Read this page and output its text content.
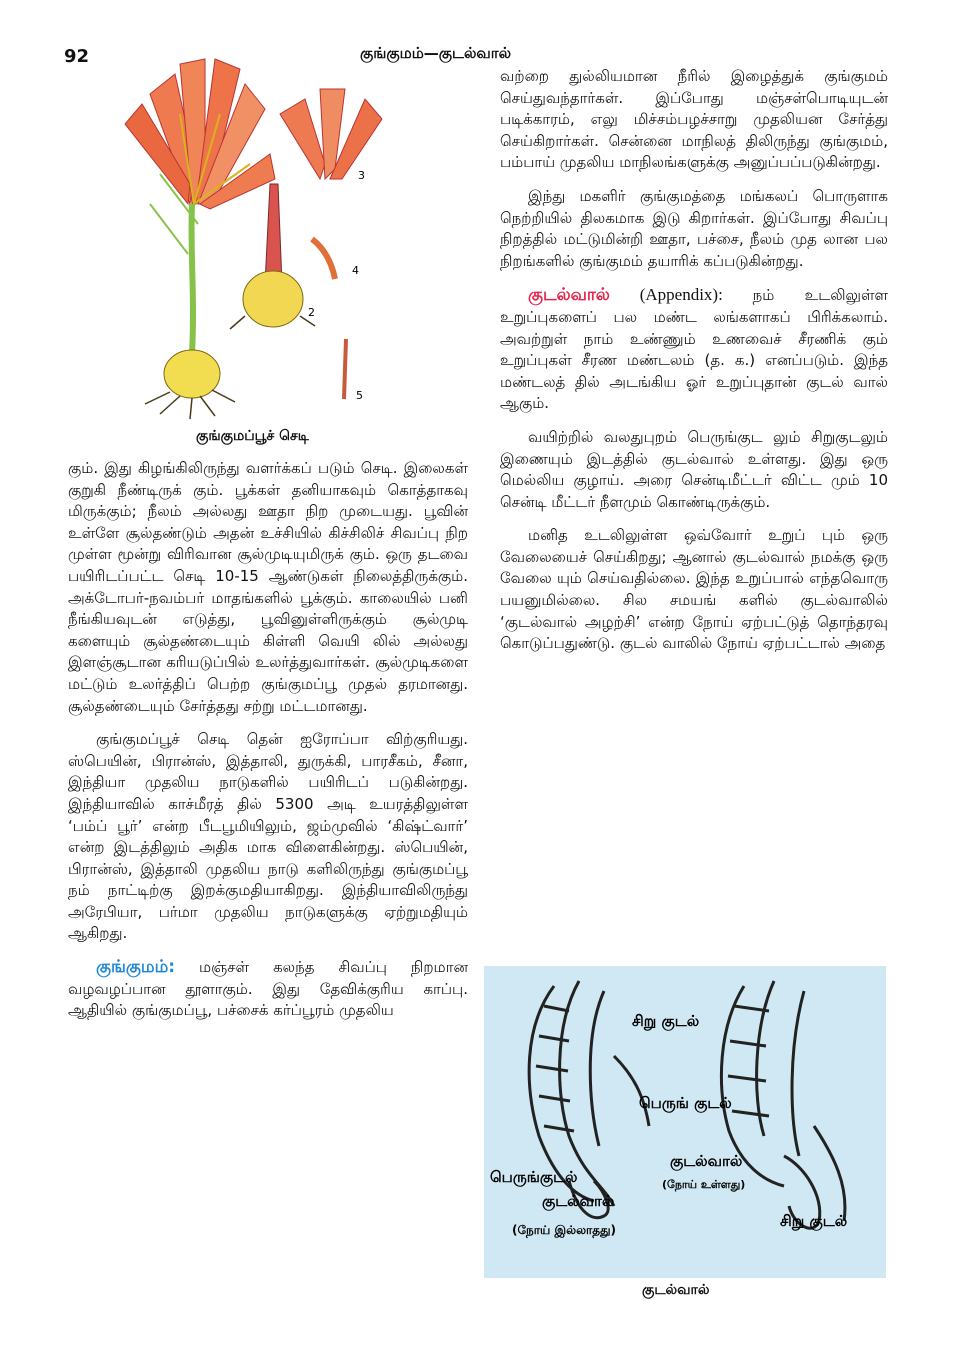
92	குங்குமம்—குடல்வால்
3
2
4
5
குங்குமப்பூச் செடி

கும். இது கிழங்கிலிருந்து வளர்க்கப் படும் செடி. இலைகள் குறுகி நீண்டிருக் கும். பூக்கள் தனியாகவும் கொத்தாகவு மிருக்கும்; நீலம் அல்லது ஊதா நிற முடையது. பூவின் உள்ளே சூல்தண்டும் அதன் உச்சியில் கிச்சிலிச் சிவப்பு நிற முள்ள மூன்று விரிவான சூல்முடியுமிருக் கும். ஒரு தடவை பயிரிடப்பட்ட செடி 10-15 ஆண்டுகள் நிலைத்திருக்கும். அக்டோபர்-நவம்பர் மாதங்களில் பூக்கும். காலையில் பனி நீங்கியவுடன் எடுத்து, பூவினுள்ளிருக்கும் சூல்முடி களையும் சூல்தண்டையும் கிள்ளி வெயி லில் அல்லது இளஞ்சூடான கரியடுப்பில் உலர்த்துவார்கள். சூல்முடிகளை மட்டும் உலர்த்திப் பெற்ற குங்குமப்பூ முதல் தரமானது. சூல்தண்டையும் சேர்த்தது சற்று மட்டமானது.

குங்குமப்பூச் செடி தென் ஐரோப்பா விற்குரியது. ஸ்பெயின், பிரான்ஸ், இத்தாலி, துருக்கி, பாரசீகம், சீனா, இந்தியா முதலிய நாடுகளில் பயிரிடப் படுகின்றது. இந்தியாவில் காச்மீரத் தில் 5300 அடி உயரத்திலுள்ள ‘பம்ப் பூர்’ என்ற பீடபூமியிலும், ஜம்முவில் ‘கிஷ்ட்வார்’ என்ற இடத்திலும் அதிக மாக விளைகின்றது. ஸ்பெயின், பிரான்ஸ், இத்தாலி முதலிய நாடு களிலிருந்து குங்குமப்பூ நம் நாட்டிற்கு இறக்குமதியாகிறது. இந்தியாவிலிருந்து அரேபியா, பர்மா முதலிய நாடுகளுக்கு ஏற்றுமதியும் ஆகிறது.

குங்குமம்: மஞ்சள் கலந்த சிவப்பு நிறமான வழவழப்பான தூளாகும். இது தேவிக்குரிய காப்பு. ஆதியில் குங்குமப்பூ, பச்சைக் கர்ப்பூரம் முதலிய

வற்றை துல்லியமான நீரில் இழைத்துக் குங்குமம் செய்துவந்தார்கள். இப்போது மஞ்சள்பொடியுடன் படிக்காரம், எலு மிச்சம்பழச்சாறு முதலியன சேர்த்து செய்கிறார்கள். சென்னை மாநிலத் திலிருந்து குங்குமம், பம்பாய் முதலிய மாநிலங்களுக்கு அனுப்பப்படுகின்றது.

இந்து மகளிர் குங்குமத்தை மங்கலப் பொருளாக நெற்றியில் திலகமாக இடு கிறார்கள். இப்போது சிவப்பு நிறத்தில் மட்டுமின்றி ஊதா, பச்சை, நீலம் முத லான பல நிறங்களில் குங்குமம் தயாரிக் கப்படுகின்றது.

குடல்வால் (Appendix): நம் உடலிலுள்ள உறுப்புகளைப் பல மண்ட லங்களாகப் பிரிக்கலாம். அவற்றுள் நாம் உண்ணும் உணவைச் சீரணிக் கும் உறுப்புகள் சீரண மண்டலம் (த. க.) எனப்படும். இந்த மண்டலத் தில் அடங்கிய ஓர் உறுப்புதான் குடல் வால் ஆகும்.

வயிற்றில் வலதுபுறம் பெருங்குட லும் சிறுகுடலும் இணையும் இடத்தில் குடல்வால் உள்ளது. இது ஒரு மெல்லிய குழாய். அரை சென்டிமீட்டர் விட்ட மும் 10 சென்டி மீட்டர் நீளமும் கொண்டிருக்கும்.

மனித உடலிலுள்ள ஒவ்வோர் உறுப் பும் ஒரு வேலையைச் செய்கிறது; ஆனால் குடல்வால் நமக்கு ஒரு வேலை யும் செய்வதில்லை. இந்த உறுப்பால் எந்தவொரு பயனுமில்லை. சில சமயங் களில் குடல்வாலில் ‘குடல்வால் அழற்சி’ என்ற நோய் ஏற்பட்டுத் தொந்தரவு கொடுப்பதுண்டு. குடல் வாலில் நோய் ஏற்பட்டால் அதை

சிறு குடல்
பெருங்குடல்
குடல்வால்
(நோய் இல்லாதது)
பெருங் குடல்
குடல்வால்
(நோய் உள்ளது)
சிறு குடல்
குடல்வால்
